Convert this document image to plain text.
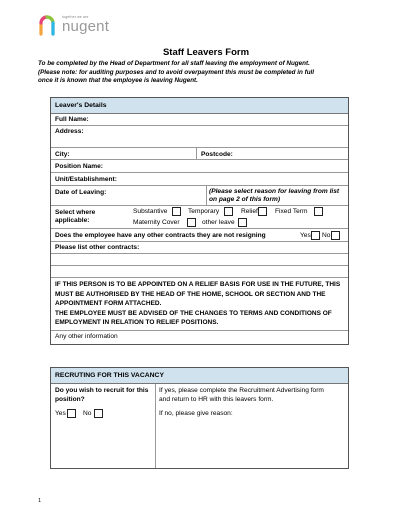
together we are
nugent
Staff Leavers Form
To be completed by the Head of Department for all staff leaving the employment of Nugent.
(Please note: for auditing purposes and to avoid overpayment this must be completed in full
once it is known that the employee is leaving Nugent.
Leaver's Details
Full Name:
Address:
City:	Postcode:
Position Name:
Unit/Establishment:
Date of Leaving:	(Please select reason for leaving from list
on page 2 of this form)
Select where
applicable:
Substantive	Temporary	Relief	Fixed Term
Maternity Cover	other leave
Does the employee have any other contracts they are not resigning	Yes No
Please list other contracts:
IF THIS PERSON IS TO BE APPOINTED ON A RELIEF BASIS FOR USE IN THE FUTURE, THIS
MUST BE AUTHORISED BY THE HEAD OF THE HOME, SCHOOL OR SECTION AND THE
APPOINTMENT FORM ATTACHED.
THE EMPLOYEE MUST BE ADVISED OF THE CHANGES TO TERMS AND CONDITIONS OF
EMPLOYMENT IN RELATION TO RELIEF POSITIONS.
Any other information
RECRUTING FOR THIS VACANCY
Do you wish to recruit for this
position?
Yes	No
If yes, please complete the Recruitment Advertising form
and return to HR with this leavers form.
If no, please give reason:
1
